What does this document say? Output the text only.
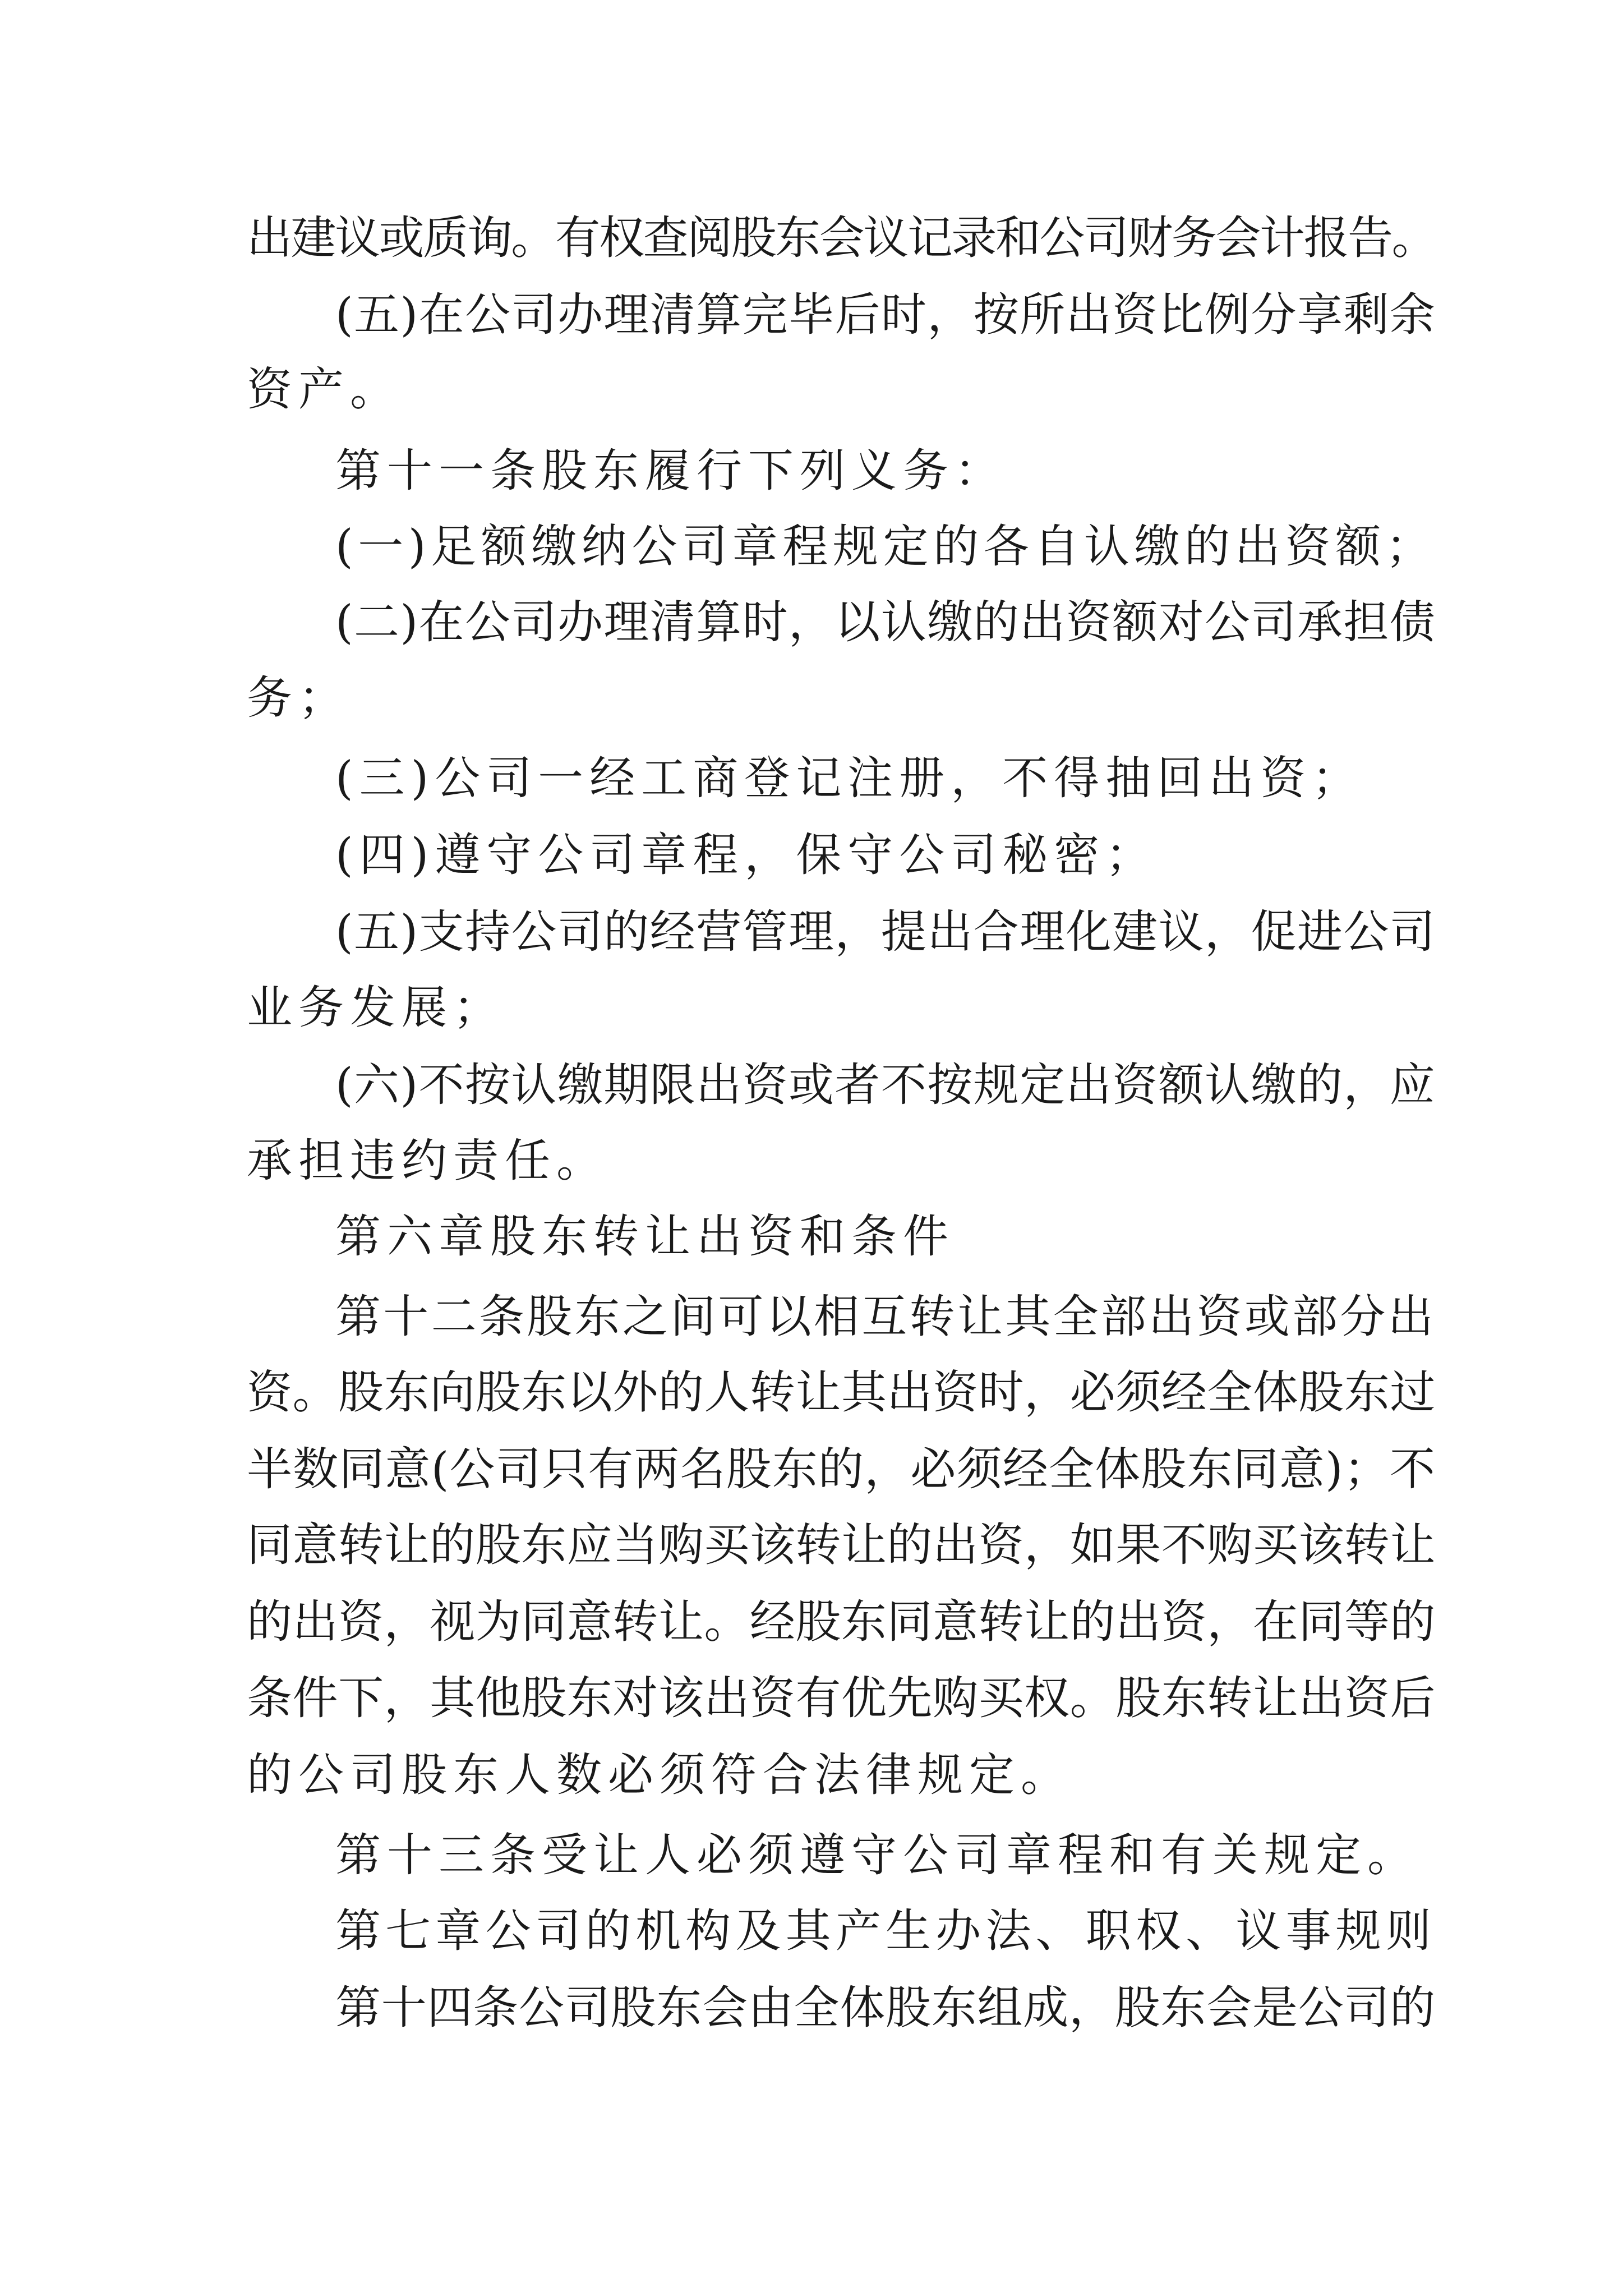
出建议或质询。有权查阅股东会议记录和公司财务会计报告。
(五)在公司办理清算完毕后时，按所出资比例分享剩余
资产。
第十一条股东履行下列义务：
(一)足额缴纳公司章程规定的各自认缴的出资额；
(二)在公司办理清算时，以认缴的出资额对公司承担债
务；
(三)公司一经工商登记注册，不得抽回出资；
(四)遵守公司章程，保守公司秘密；
(五)支持公司的经营管理，提出合理化建议，促进公司
业务发展；
(六)不按认缴期限出资或者不按规定出资额认缴的，应
承担违约责任。
第六章股东转让出资和条件
第十二条股东之间可以相互转让其全部出资或部分出
资。股东向股东以外的人转让其出资时，必须经全体股东过
半数同意(公司只有两名股东的，必须经全体股东同意)；不
同意转让的股东应当购买该转让的出资，如果不购买该转让
的出资，视为同意转让。经股东同意转让的出资，在同等的
条件下，其他股东对该出资有优先购买权。股东转让出资后
的公司股东人数必须符合法律规定。
第十三条受让人必须遵守公司章程和有关规定。
第七章公司的机构及其产生办法、职权、议事规则
第十四条公司股东会由全体股东组成，股东会是公司的
